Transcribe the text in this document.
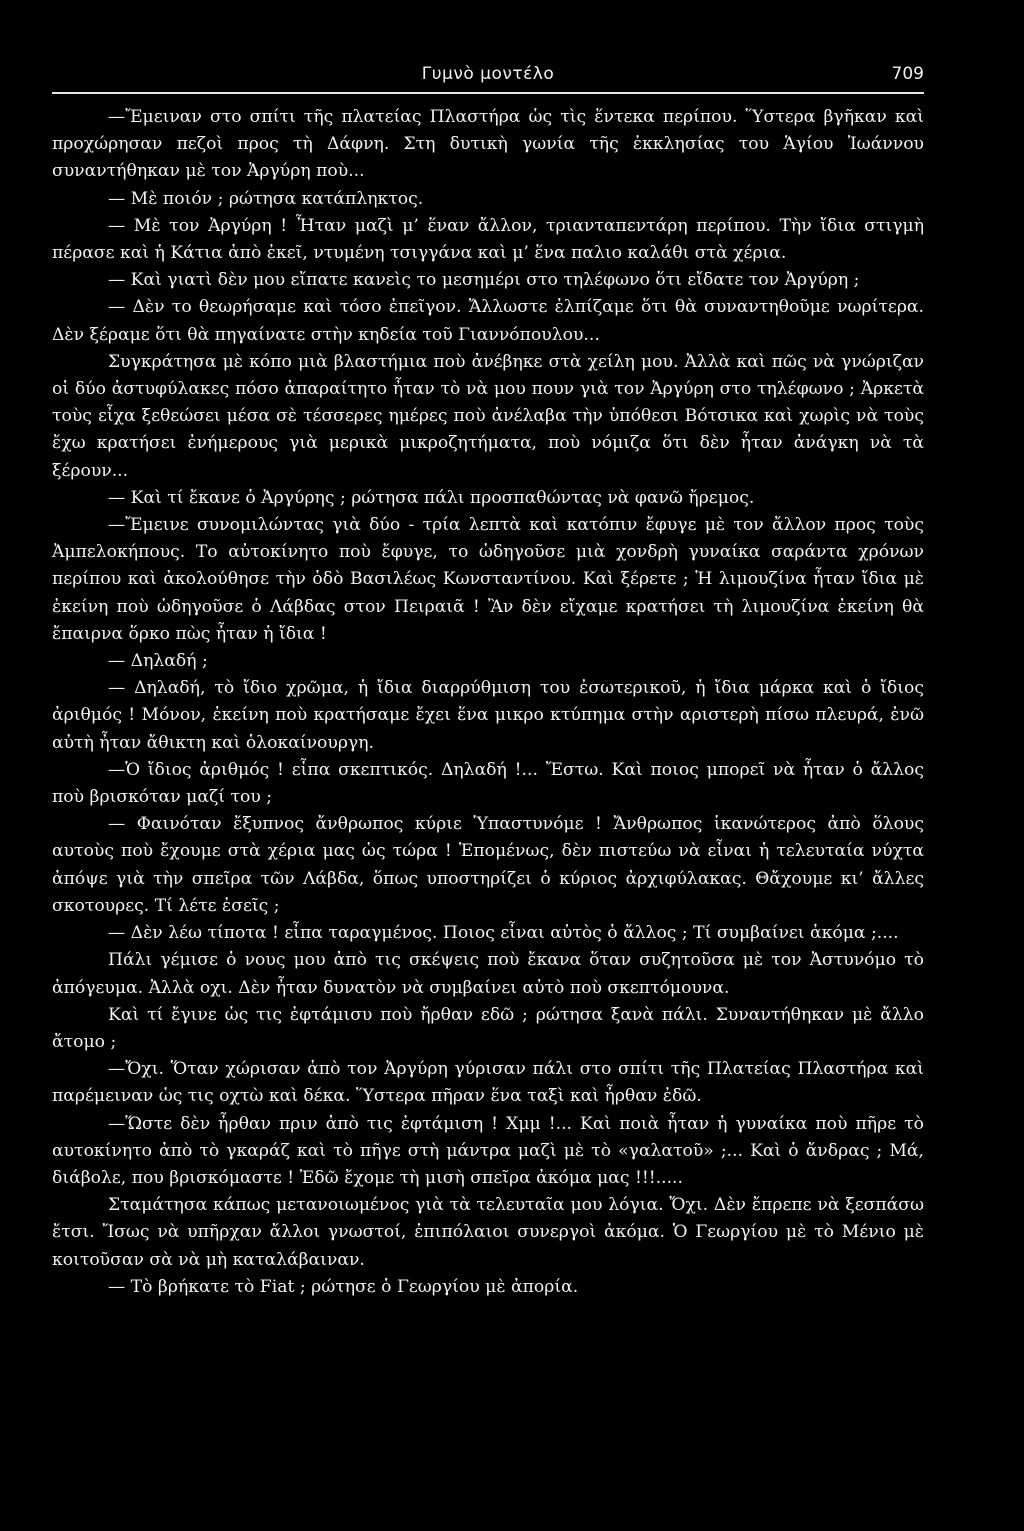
Γυμνὸ μοντέλο	709

—Ἔμειναν στο σπίτι τῆς πλατείας Πλαστήρα ὡς τὶς ἕντεκα περίπου. Ὕστερα βγῆκαν καὶ προχώρησαν πεζοὶ προς τὴ Δάφνη. Στη δυτικὴ γωνία τῆς ἐκκλησίας του Ἁγίου Ἰωάννου συναντήθηκαν μὲ τον Ἀργύρη ποὺ...

— Μὲ ποιόν ; ρώτησα κατάπληκτος.

— Μὲ τον Ἀργύρη ! Ἦταν μαζὶ μ’ ἕναν ἄλλον, τριανταπεντάρη περίπου. Τὴν ἴδια στιγμὴ πέρασε καὶ ἡ Κάτια ἀπὸ ἐκεῖ, ντυμένη τσιγγάνα καὶ μ’ ἕνα παλιο καλάθι στὰ χέρια.

— Καὶ γιατὶ δὲν μου εἴπατε κανεὶς το μεσημέρι στο τηλέφωνο ὅτι εἴδατε τον Ἀργύρη ;

— Δὲν το θεωρήσαμε καὶ τόσο ἐπεῖγον. Ἄλλωστε ἐλπίζαμε ὅτι θὰ συναντηθοῦμε νωρίτερα. Δὲν ξέραμε ὅτι θὰ πηγαίνατε στὴν κηδεία τοῦ Γιαννόπουλου...

Συγκράτησα μὲ κόπο μιὰ βλαστήμια ποὺ ἀνέβηκε στὰ χείλη μου. Ἀλλὰ καὶ πῶς νὰ γνώριζαν οἱ δύο ἀστυφύλακες πόσο ἀπαραίτητο ἦταν τὸ νὰ μου πουν γιὰ τον Ἀργύρη στο τηλέφωνο ; Ἀρκετὰ τοὺς εἶχα ξεθεώσει μέσα σὲ τέσσερες ημέρες ποὺ ἀνέλαβα τὴν ὑπόθεσι Βότσικα καὶ χωρὶς νὰ τοὺς ἔχω κρατήσει ἐνήμερους γιὰ μερικὰ μικροζητήματα, ποὺ νόμιζα ὅτι δὲν ἦταν ἀνάγκη νὰ τὰ ξέρουν...

— Καὶ τί ἔκανε ὁ Ἀργύρης ; ρώτησα πάλι προσπαθώντας νὰ φανῶ ἤρεμος.

—Ἔμεινε συνομιλώντας γιὰ δύο - τρία λεπτὰ καὶ κατόπιν ἔφυγε μὲ τον ἄλλον προς τοὺς Ἀμπελοκήπους. Το αὐτοκίνητο ποὺ ἔφυγε, το ὡδηγοῦσε μιὰ χονδρὴ γυναίκα σαράντα χρόνων περίπου καὶ ἀκολούθησε τὴν ὁδὸ Βασιλέως Κωνσταντίνου. Καὶ ξέρετε ; Ἡ λιμουζίνα ἦταν ἴδια μὲ ἐκείνη ποὺ ὡδηγοῦσε ὁ Λάβδας στον Πειραιᾶ ! Ἂν δὲν εἴχαμε κρατήσει τὴ λιμουζίνα ἐκείνη θὰ ἔπαιρνα ὅρκο πὼς ἦταν ἡ ἴδια !

— Δηλαδή ;

— Δηλαδή, τὸ ἴδιο χρῶμα, ἡ ἴδια διαρρύθμιση του ἐσωτερικοῦ, ἡ ἴδια μάρκα καὶ ὁ ἴδιος ἀριθμός ! Μόνον, ἐκείνη ποὺ κρατήσαμε ἔχει ἕνα μικρο κτύπημα στὴν αριστερὴ πίσω πλευρά, ἐνῶ αὐτὴ ἦταν ἄθικτη καὶ ὁλοκαίνουργη.

—Ὁ ἴδιος ἀριθμός ! εἶπα σκεπτικός. Δηλαδή !... Ἔστω. Καὶ ποιος μπορεῖ νὰ ἦταν ὁ ἄλλος ποὺ βρισκόταν μαζί του ;

— Φαινόταν ἔξυπνος ἄνθρωπος κύριε Ὑπαστυνόμε ! Ἄνθρωπος ἱκανώτερος ἀπὸ ὅλους αυτοὺς ποὺ ἔχουμε στὰ χέρια μας ὡς τώρα ! Ἑπομένως, δὲν πιστεύω νὰ εἶναι ἡ τελευταία νύχτα ἀπόψε γιὰ τὴν σπεῖρα τῶν Λάβδα, ὅπως υποστηρίζει ὁ κύριος ἀρχιφύλακας. Θἄχουμε κι’ ἄλλες σκοτουρες. Τί λέτε ἐσεῖς ;

— Δὲν λέω τίποτα ! εἶπα ταραγμένος. Ποιος εἶναι αὐτὸς ὁ ἄλλος ; Τί συμβαίνει ἀκόμα ;....

Πάλι γέμισε ὁ νους μου ἀπὸ τις σκέψεις ποὺ ἔκανα ὅταν συζητοῦσα μὲ τον Ἀστυνόμο τὸ ἀπόγευμα. Ἀλλὰ οχι. Δὲν ἦταν δυνατὸν νὰ συμβαίνει αὐτὸ ποὺ σκεπτόμουνα.

Καὶ τί ἔγινε ὡς τις ἐφτάμισυ ποὺ ἤρθαν εδῶ ; ρώτησα ξανὰ πάλι. Συναντήθηκαν μὲ ἄλλο ἄτομο ;

—Ὄχι. Ὅταν χώρισαν ἀπὸ τον Ἀργύρη γύρισαν πάλι στο σπίτι τῆς Πλατείας Πλαστήρα καὶ παρέμειναν ὡς τις οχτὼ καὶ δέκα. Ὕστερα πῆραν ἕνα ταξὶ καὶ ἦρθαν ἐδῶ.

—Ὥστε δὲν ἦρθαν πριν ἀπὸ τις ἐφτάμιση ! Χμμ !... Καὶ ποιὰ ἦταν ἡ γυναίκα ποὺ πῆρε τὸ αυτοκίνητο ἀπὸ τὸ γκαράζ καὶ τὸ πῆγε στὴ μάντρα μαζὶ μὲ τὸ «γαλατοῦ» ;... Καὶ ὁ ἄνδρας ; Μά, διάβολε, που βρισκόμαστε ! Ἐδῶ ἔχομε τὴ μισὴ σπεῖρα ἀκόμα μας !!!.....

Σταμάτησα κάπως μετανοιωμένος γιὰ τὰ τελευταῖα μου λόγια. Ὄχι. Δὲν ἔπρεπε νὰ ξεσπάσω ἔτσι. Ἴσως νὰ υπῆρχαν ἄλλοι γνωστοί, ἐπιπόλαιοι συνεργοὶ ἀκόμα. Ὁ Γεωργίου μὲ τὸ Μένιο μὲ κοιτοῦσαν σὰ νὰ μὴ καταλάβαιναν.

— Τὸ βρήκατε τὸ Fiat ; ρώτησε ὁ Γεωργίου μὲ ἀπορία.
